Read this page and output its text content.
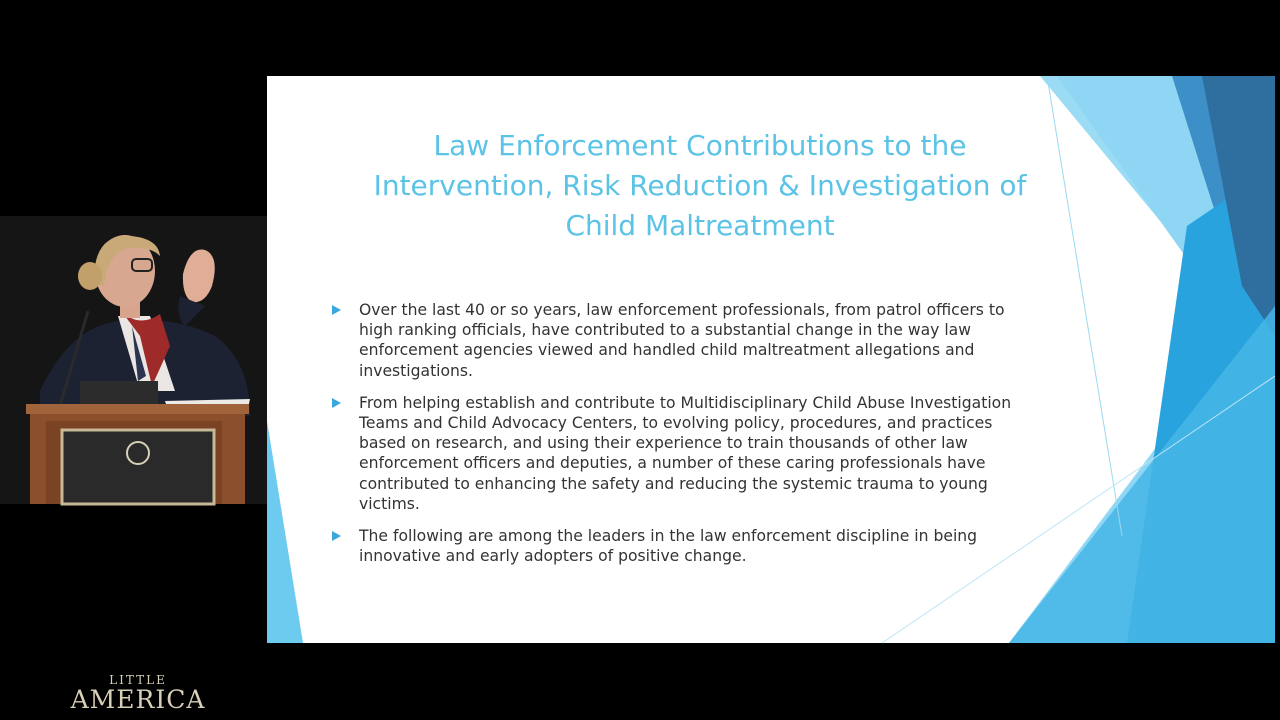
LITTLE
AMERICA
Law Enforcement Contributions to the
Intervention, Risk Reduction & Investigation of
Child Maltreatment
Over the last 40 or so years, law enforcement professionals, from patrol officers to high ranking officials, have contributed to a substantial change in the way law enforcement agencies viewed and handled child maltreatment allegations and investigations.
From helping establish and contribute to Multidisciplinary Child Abuse Investigation Teams and Child Advocacy Centers, to evolving policy, procedures, and practices based on research, and using their experience to train thousands of other law enforcement officers and deputies, a number of these caring professionals have contributed to enhancing the safety and reducing the systemic trauma to young victims.
The following are among the leaders in the law enforcement discipline in being innovative and early adopters of positive change.
